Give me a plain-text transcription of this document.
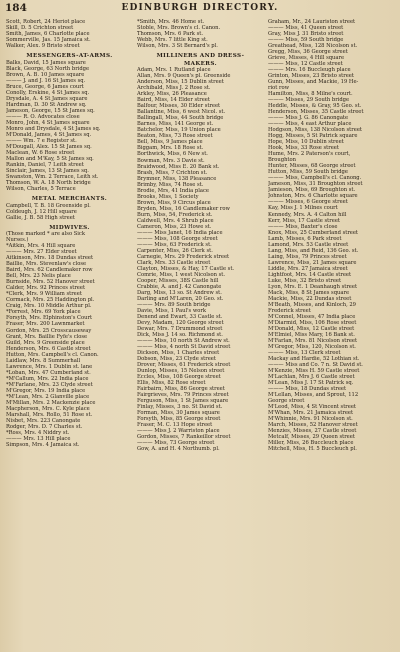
184	EDINBURGH DIRECTORY.
Scott, Robert, 24 Heriot place
Skill, D. 5 Crichton street
Smith, James, 6 Charlotte place
Sommerville, Jas. 15 Jamaica st.
Walker, Alex. 9 Bristo street
MESSENGERS-AT-ARMS.
Balks, David, 15 James square
Black, George, 63 North bridge
Brown, A. B. 10 James square
——— J. and J. 16 St James sq.
Bruce, George, 6 James court
Conolly, Erskine, 4 St James sq.
Drysdale, A. 4 St James square
Hardman, D. 30 St Andrew sq.
Jameson, George, 15 St James sq.
——— R. O. Advocates close
Monro, John, 4 St James square
Monro and Drysdale, 4 St James sq.
M'Donald, James, 4 St James sq.
——— Wm. 7 e Register st.
M'Dougall, Alex. 15 St James sq.
Maclean, W. 6 Rose street
Mallon and M'Kay, 5 St James sq.
Rankin, Daniel, 7 Leith street
Sinclair, James, 13 St James sq.
Swanston, Wm. 2 Terrace, Leith st.
Thomson, W. A. 18 North bridge
Wilson, Charles, 5 Terrace
METAL MERCHANTS.
Campbell, T. B. 18 Greenside pl.
Coldeugh, J. 12 Hill square
Gallie, J. B. 58 High street
MIDWIVES.
(Those marked * are also Sick
Nurses.)
*Aitkin, Mrs. 4 Hill square
——— Mrs. 27 Elder street
Aitkinson, Mrs. 18 Dundas street
Baillie, Mrs. Stevenlaw's close
Baird, Mrs. 62 Candlemaker row
Bell, Mrs. 23 Nelis place
Burnside, Mrs. 52 Hanover street
Calder, Mrs. 92 Princes street
*Clerk, Mrs. 9 William street
Cormack, Mrs. 25 Haddington pl.
Craig, Mrs. 10 Middle Arthur pl.
*Forrest, Mrs. 69 York place
Forsyth, Mrs. Elphinston's Court
Fraser, Mrs. 200 Lawnmarket
Gordon, Mrs. 25 Crosscauseway
Grant, Mrs. Baillie Fyfe's close
Guild, Mrs. 9 Greenside place
Henderson, Mrs. 6 Castle street
Hutton, Mrs. Campbell's cl. Canon.
Laidlaw, Mrs. 8 Summerhall
Lawrence, Mrs. 1 Dublin st. lane
*Loban, Mrs. 47 Cumberland st.
*M'Callum, Mrs. 22 India place
*M'Farlane, Mrs. 23 Clyde street
M'Gregor, Mrs. 19 India place
*M'Lean, Mrs. 2 Glanville place
M'Millan, Mrs. 2 Mackenzie place
Macpherson, Mrs. C. Kyle place
Marshall, Mrs. Rollo, 51 Rose st.
Nisbet, Mrs. 223 Canongate
Rodger, Mrs. D. 7 Charles st.
*Ross, Mrs. 4 Niddry st.
——— Mrs. 13 Hill place
Simpson, Mrs. 4 Jamaica st.
*Smith, Mrs. 46 Home st.
Stoble, Mrs. Brown's cl. Canon.
Thomson, Mrs. 6 Park st.
Webb, Mrs. 7 little King st.
Wilson, Mrs. 3 St Bernard's pl.
MILLINERS AND DRESS-
MAKERS.
Adam, Mrs. 1 Rutland place
Allan, Mrs. 9 Queen's pl. Greenside
Anderson, Miss, 15 Dublin street
Archibald, Miss J. 2 Rose st.
Arkley, Miss, 26 Pleasance
Baird, Miss, 14 Elder street
Balfour, Misses, 30 Elder street
Ballantine, Miss, 6 west Nicol. st.
Ballingall, Miss, 44 South bridge
Barnes, Miss, 141 George st.
Batchelor, Miss, 19 Union place
Beaton, Miss, 73 Rose street
Bell, Miss, 9 James place
Biggam, Mrs. 18 Rose st.
Borthwick, Miss, 6 New st.
Bowman, Mrs. 3 Davie st.
Braidwood, Miss E. 20 Bank st.
Brash, Miss, 7 Crichton st.
Brymner, Miss, 138 Pleasance
Brimby, Miss, 74 Rose st.
Brodie, Mrs, 41 India place
Brooks, Miss, 1 Society
Brown, Miss, 9 Circus place
Bryden, Miss, 16 Candlemaker row
Burn, Miss, 54, Frederick st.
Caldwell, Mrs. 4 Shrub place
Cameron, Miss, 23 Howe st.
——— Miss Janet, 16 India place
——— Miss, 108 George street
——— Miss, 63 Frederick st.
Carpenter, Miss, 26 Clerk st.
Carnegie, Mrs. 29 Frederick street
Clark, Mrs. 33 Castle street
Clayton, Misses, & Hay, 17 Castle st.
Comrie, Miss, 1 west Nicolson st.
Cooper, Misses, 38S Castle hill
Crabbie, A. and J. 42 Canongate
Darg, Miss, 13 so. St Andrew st.
Darling and M'Laren, 20 Geo. st.
——— Mrs. 89 South bridge
Davie, Miss, 1 Paul's work
Denend and Ewart, 33 Castle st.
Devy, Madam, 120 George street
Dewar, Mrs. 7 Drummond street
Dick, Miss J. 14 so. Richmond st.
——— Miss, 10 north St Andrew st.
——— Miss, 4 north St David street
Dickson, Miss, 1 Charles street
Dobson, Miss, 23 Clyde street
Drover, Misses, 61 Frederick street
Dunlop, Misses, 15 Nelson street
Eccles, Miss, 108 George street
Ellis, Miss, 82 Rose street
Fairbairn, Miss, 86 George street
Fairgrieves, Mrs. 79 Princes street
Ferguson, Miss, 1 St James square
Finlay, Misses, 3 no. St David st.
Forman, Miss, 30 James square
Forsyth, Miss, 85 George street
Fraser, M. C. 13 Hope street
——— Miss J. 2 Warriston place
Gordon, Misses, 7 Rankeillor street
——— Miss, 73 George street
Gow, A. and H. 4 Northumb. pl.
Graham, Mr., 24 Lauriston street
——— Miss, 41 Queen street
Gray, Miss J. 31 Bristo street
——— Miss, 59 South bridge
Greathead, Miss, 128 Nicolson st.
Gregg, Miss, 36 George street
Grieve, Misses, 4 Hill square
——— Miss, 12 Castle street
——— Mrs. 16 Buccleugh place
Grinton, Misses, 23 Bristo street
Gunn, Misses, and Mackie, 19 He-
riot row
Hamilton, Miss, 8 Milne's court.
——— Misses, 29 South bridge
Heddle, Misses, & Gray, 95 Geo. st.
Henderson, Misses, 35 Castle street
——— Miss J. G. 86 Canongate
——— Miss, 4 east Arthur place
Hodgson, Miss, 138 Nicolson street
Hogg, Misses, 5 St Patrick square
Hope, Miss, 10 Dublin street
Hook, Miss, 33 Rose street
Hume, Mrs. 2 Paterson's court,
Broughton
Hunter, Misses, 68 George street
Hutton, Miss, 59 South bridge
——— Miss, Campbell's cl. Canong.
Jameson, Miss, 31 Broughton street
Jamieson, Miss, 69 Broughton st.
Johnston, Mrs. 6 Charlotte square
——— Misses, 6 George street
Kay, Miss J. 1 Milnes court
Kennedy, Mrs. A. 4 Calton hill
Kerr, Miss, 17 Castle street
——— Miss, Baxter's close
Knox, Miss, 25 Cumberland street
Lamb, Misses, 6 Park street
Lamond, Mrs. 53 Castle street
Lang, Miss, and Reid, 136 Geo. st.
Laing, Miss, 79 Princes street
Lawrence, Miss, 21 James square
Liddle, Mrs. 27 Jamaica street
Lightfoot, Mrs. 14 Castle street
Luke, Miss, 32 Bristo street
Lyon, Mrs. E. 1 Deanhaugh street
Mack, Miss, 8 St James square
Mackie, Miss, 22 Dundas street
M'Beath, Misses, and Kinloch, 29
Frederick street
M'Connel, Misses, 47 India place
M'Diarmid, Miss, 106 Rose street
M'Donald, Miss, 12 Castle street
M'Elmiel, Miss Mary, 16 Bank st.
M'Farlan, Mrs. 81 Nicolson street
M'Gregor, Miss, 120, Nicolson st.
——— Miss, 13 Clerk street
Mackay and Hardie, 52 Lothian st.
——— Miss and Co. 7 n. St David st.
M'Kenzie, Miss H. 59 Castle street
M'Lachlan, Mrs J. 6 Castle street
M'Lean, Miss J. 17 St Patrick sq.
——— Miss, 18 Dundas street
M'Lellan, Misses, and Sprout, 112
George street
M'Leod, Miss, 4 St Vincent street
M'Whan, Mrs. 21 Jamaica street
M'Whinnie, Mrs. 91 Nicolson st.
March, Misses, 52 Hanover street
Menzies, Misses, 27 Castle street
Metcalf, Misses, 29 Queen street
Miller, Miss, 26 Buccleuch place
Mitchell, Miss, H. 5 Buccleuch pl.
